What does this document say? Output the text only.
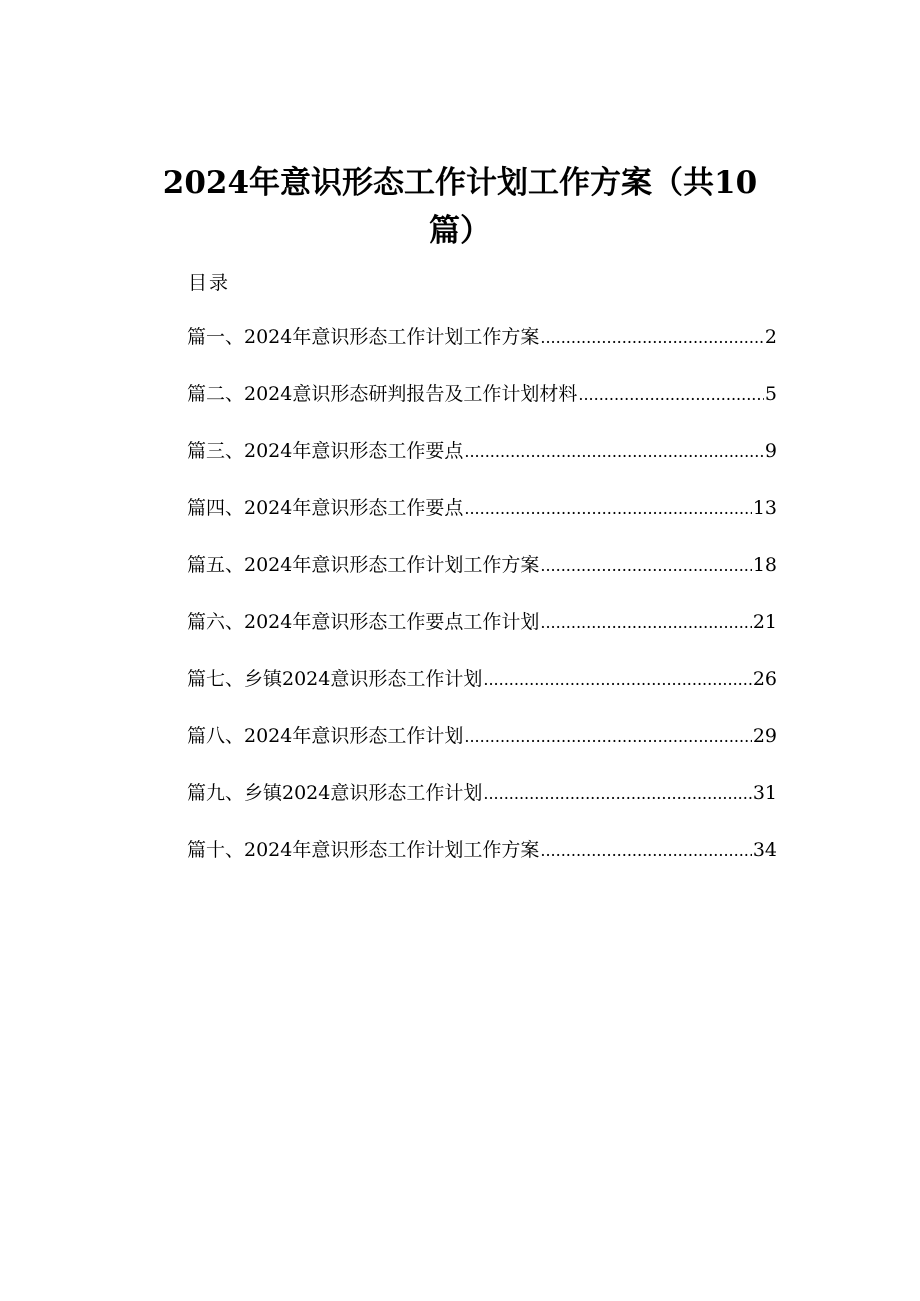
2024年意识形态工作计划工作方案（共10
篇）
目录
篇一、2024年意识形态工作计划工作方案 .....	2
篇二、2024意识形态研判报告及工作计划材料 .....	5
篇三、2024年意识形态工作要点 .....	9
篇四、2024年意识形态工作要点 .....	13
篇五、2024年意识形态工作计划工作方案 .....	18
篇六、2024年意识形态工作要点工作计划 .....	21
篇七、乡镇2024意识形态工作计划 .....	26
篇八、2024年意识形态工作计划 .....	29
篇九、乡镇2024意识形态工作计划 .....	31
篇十、2024年意识形态工作计划工作方案 .....	34
